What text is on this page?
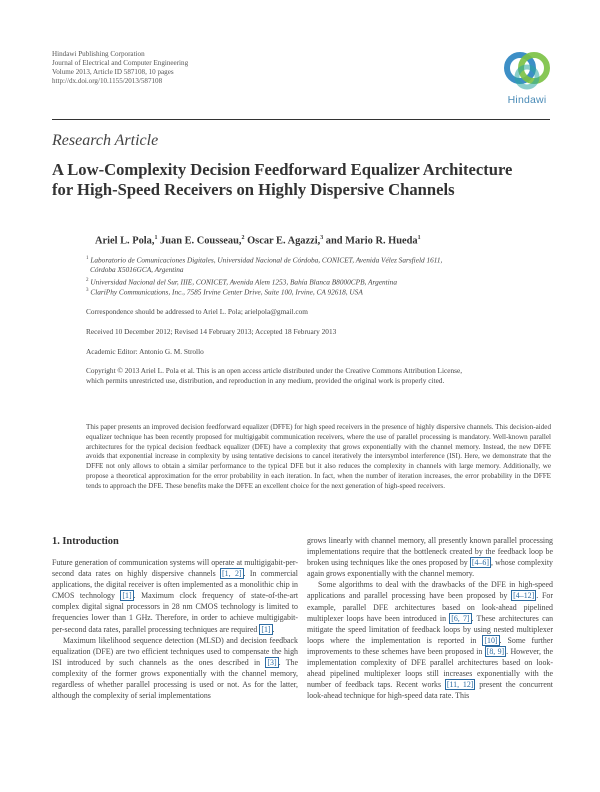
Hindawi Publishing Corporation
Journal of Electrical and Computer Engineering
Volume 2013, Article ID 587108, 10 pages
http://dx.doi.org/10.1155/2013/587108
Hindawi
Research Article
A Low-Complexity Decision Feedforward Equalizer Architecture
for High-Speed Receivers on Highly Dispersive Channels
Ariel L. Pola,$^1$ Juan E. Cousseau,$^2$ Oscar E. Agazzi,$^3$ and Mario R. Hueda$^1$
$^1$ Laboratorio de Comunicaciones Digitales, Universidad Nacional de Córdoba, CONICET, Avenida Vélez Sarsfield 1611,
Córdoba X5016GCA, Argentina
$^2$ Universidad Nacional del Sur, IIIE, CONICET, Avenida Alem 1253, Bahía Blanca B8000CPB, Argentina
$^3$ ClariPhy Communications, Inc., 7585 Irvine Center Drive, Suite 100, Irvine, CA 92618, USA
Correspondence should be addressed to Ariel L. Pola; arielpola@gmail.com
Received 10 December 2012; Revised 14 February 2013; Accepted 18 February 2013
Academic Editor: Antonio G. M. Strollo
Copyright © 2013 Ariel L. Pola et al. This is an open access article distributed under the Creative Commons Attribution License,
which permits unrestricted use, distribution, and reproduction in any medium, provided the original work is properly cited.
This paper presents an improved decision feedforward equalizer (DFFE) for high speed receivers in the presence of highly dispersive channels. This decision-aided equalizer technique has been recently proposed for multigigabit communication receivers, where the use of parallel processing is mandatory. Well-known parallel architectures for the typical decision feedback equalizer (DFE) have a complexity that grows exponentially with the channel memory. Instead, the new DFFE avoids that exponential increase in complexity by using tentative decisions to cancel iteratively the intersymbol interference (ISI). Here, we demonstrate that the DFFE not only allows to obtain a similar performance to the typical DFE but it also reduces the complexity in channels with large memory. Additionally, we propose a theoretical approximation for the error probability in each iteration. In fact, when the number of iteration increases, the error probability in the DFFE tends to approach the DFE. These benefits make the DFFE an excellent choice for the next generation of high-speed receivers.
1. Introduction

Future generation of communication systems will operate at multigigabit-per-second data rates on highly dispersive channels [1, 2] . In commercial applications, the digital receiver is often implemented as a monolithic chip in CMOS technology [1] . Maximum clock frequency of state-of-the-art complex digital signal processors in 28 nm CMOS technology is limited to frequencies lower than 1 GHz. Therefore, in order to achieve multigigabit-per-second data rates, parallel processing techniques are required [1] .

Maximum likelihood sequence detection (MLSD) and decision feedback equalization (DFE) are two efficient techniques used to compensate the high ISI introduced by such channels as the ones described in [3] . The complexity of the former grows exponentially with the channel memory, regardless of whether parallel processing is used or not. As for the latter, although the complexity of serial implementations

grows linearly with channel memory, all presently known parallel processing implementations require that the bottleneck created by the feedback loop be broken using techniques like the ones proposed by [4–6] , whose complexity again grows exponentially with the channel memory.

Some algorithms to deal with the drawbacks of the DFE in high-speed applications and parallel processing have been proposed by [4–12] . For example, parallel DFE architectures based on look-ahead pipelined multiplexer loops have been introduced in [6, 7] . These architectures can mitigate the speed limitation of feedback loops by using nested multiplexer loops where the implementation is reported in [10] . Some further improvements to these schemes have been proposed in [8, 9] . However, the implementation complexity of DFE parallel architectures based on look-ahead pipelined multiplexer loops still increases exponentially with the number of feedback taps. Recent works [11, 12] present the concurrent look-ahead technique for high-speed data rate. This
